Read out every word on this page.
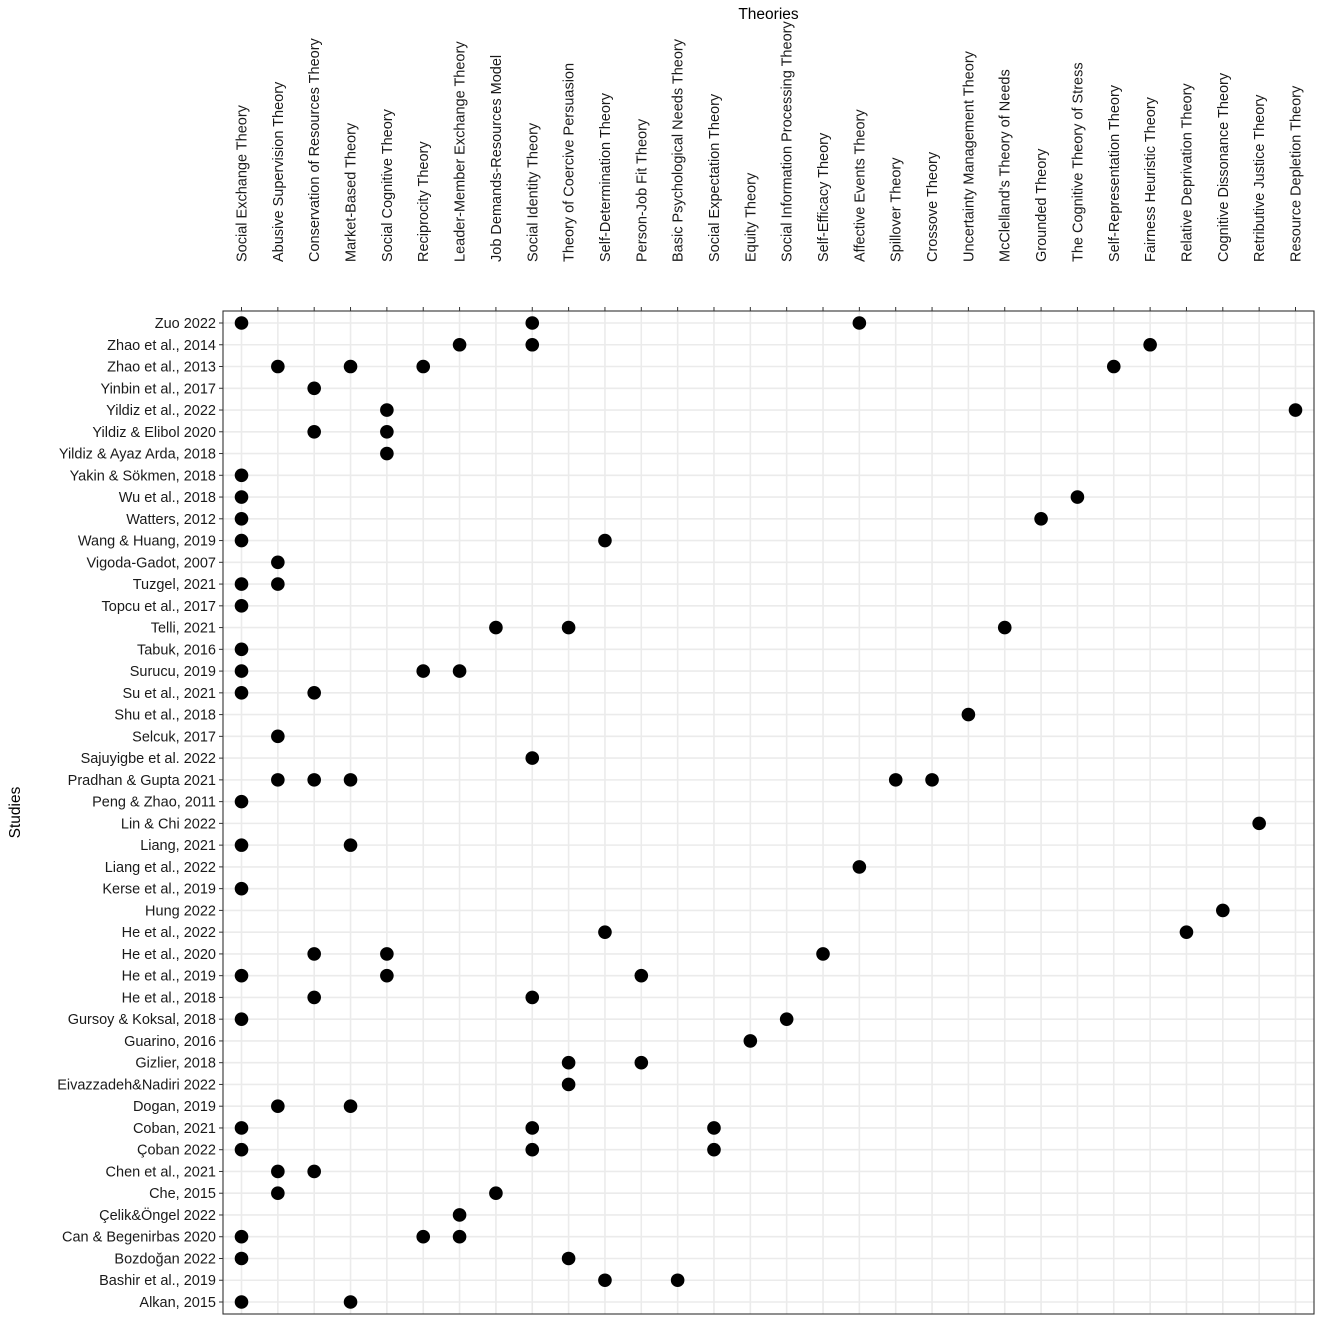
Social Exchange Theory Abusive Supervision Theory Conservation of Resources Theory Market-Based Theory Social Cognitive Theory Reciprocity Theory Leader-Member Exchange Theory Job Demands-Resources Model Social Identity Theory Theory of Coercive Persuasion Self-Determination Theory Person-Job Fit Theory Basic Psychological Needs Theory Social Expectation Theory Equity Theory Social Information Processing Theory Self-Efficacy Theory Affective Events Theory Spillover Theory Crossove Theory Uncertainty Management Theory McClelland's Theory of Needs Grounded Theory The Cognitive Theory of Stress Self-Representation Theory Fairness Heuristic Theory Relative Deprivation Theory Cognitive Dissonance Theory Retributive Justice Theory Resource Depletion Theory
Zuo 2022
Zhao et al., 2014
Zhao et al., 2013
Yinbin et al., 2017
Yildiz et al., 2022
Yildiz & Elibol 2020
Yildiz & Ayaz Arda, 2018
Yakin & Sökmen, 2018
Wu et al., 2018
Watters, 2012
Wang & Huang, 2019
Vigoda-Gadot, 2007
Tuzgel, 2021
Topcu et al., 2017
Telli, 2021
Tabuk, 2016
Surucu, 2019
Su et al., 2021
Shu et al., 2018
Selcuk, 2017
Sajuyigbe et al. 2022
Pradhan & Gupta 2021
Peng & Zhao, 2011
Lin & Chi 2022
Liang, 2021
Liang et al., 2022
Kerse et al., 2019
Hung 2022
He et al., 2022
He et al., 2020
He et al., 2019
He et al., 2018
Gursoy & Koksal, 2018
Guarino, 2016
Gizlier, 2018
Eivazzadeh&Nadiri 2022
Dogan, 2019
Coban, 2021
Çoban 2022
Chen et al., 2021
Che, 2015
Çelik&Öngel 2022
Can & Begenirbas 2020
Bozdoğan 2022
Bashir et al., 2019
Alkan, 2015
Theories
Studies
